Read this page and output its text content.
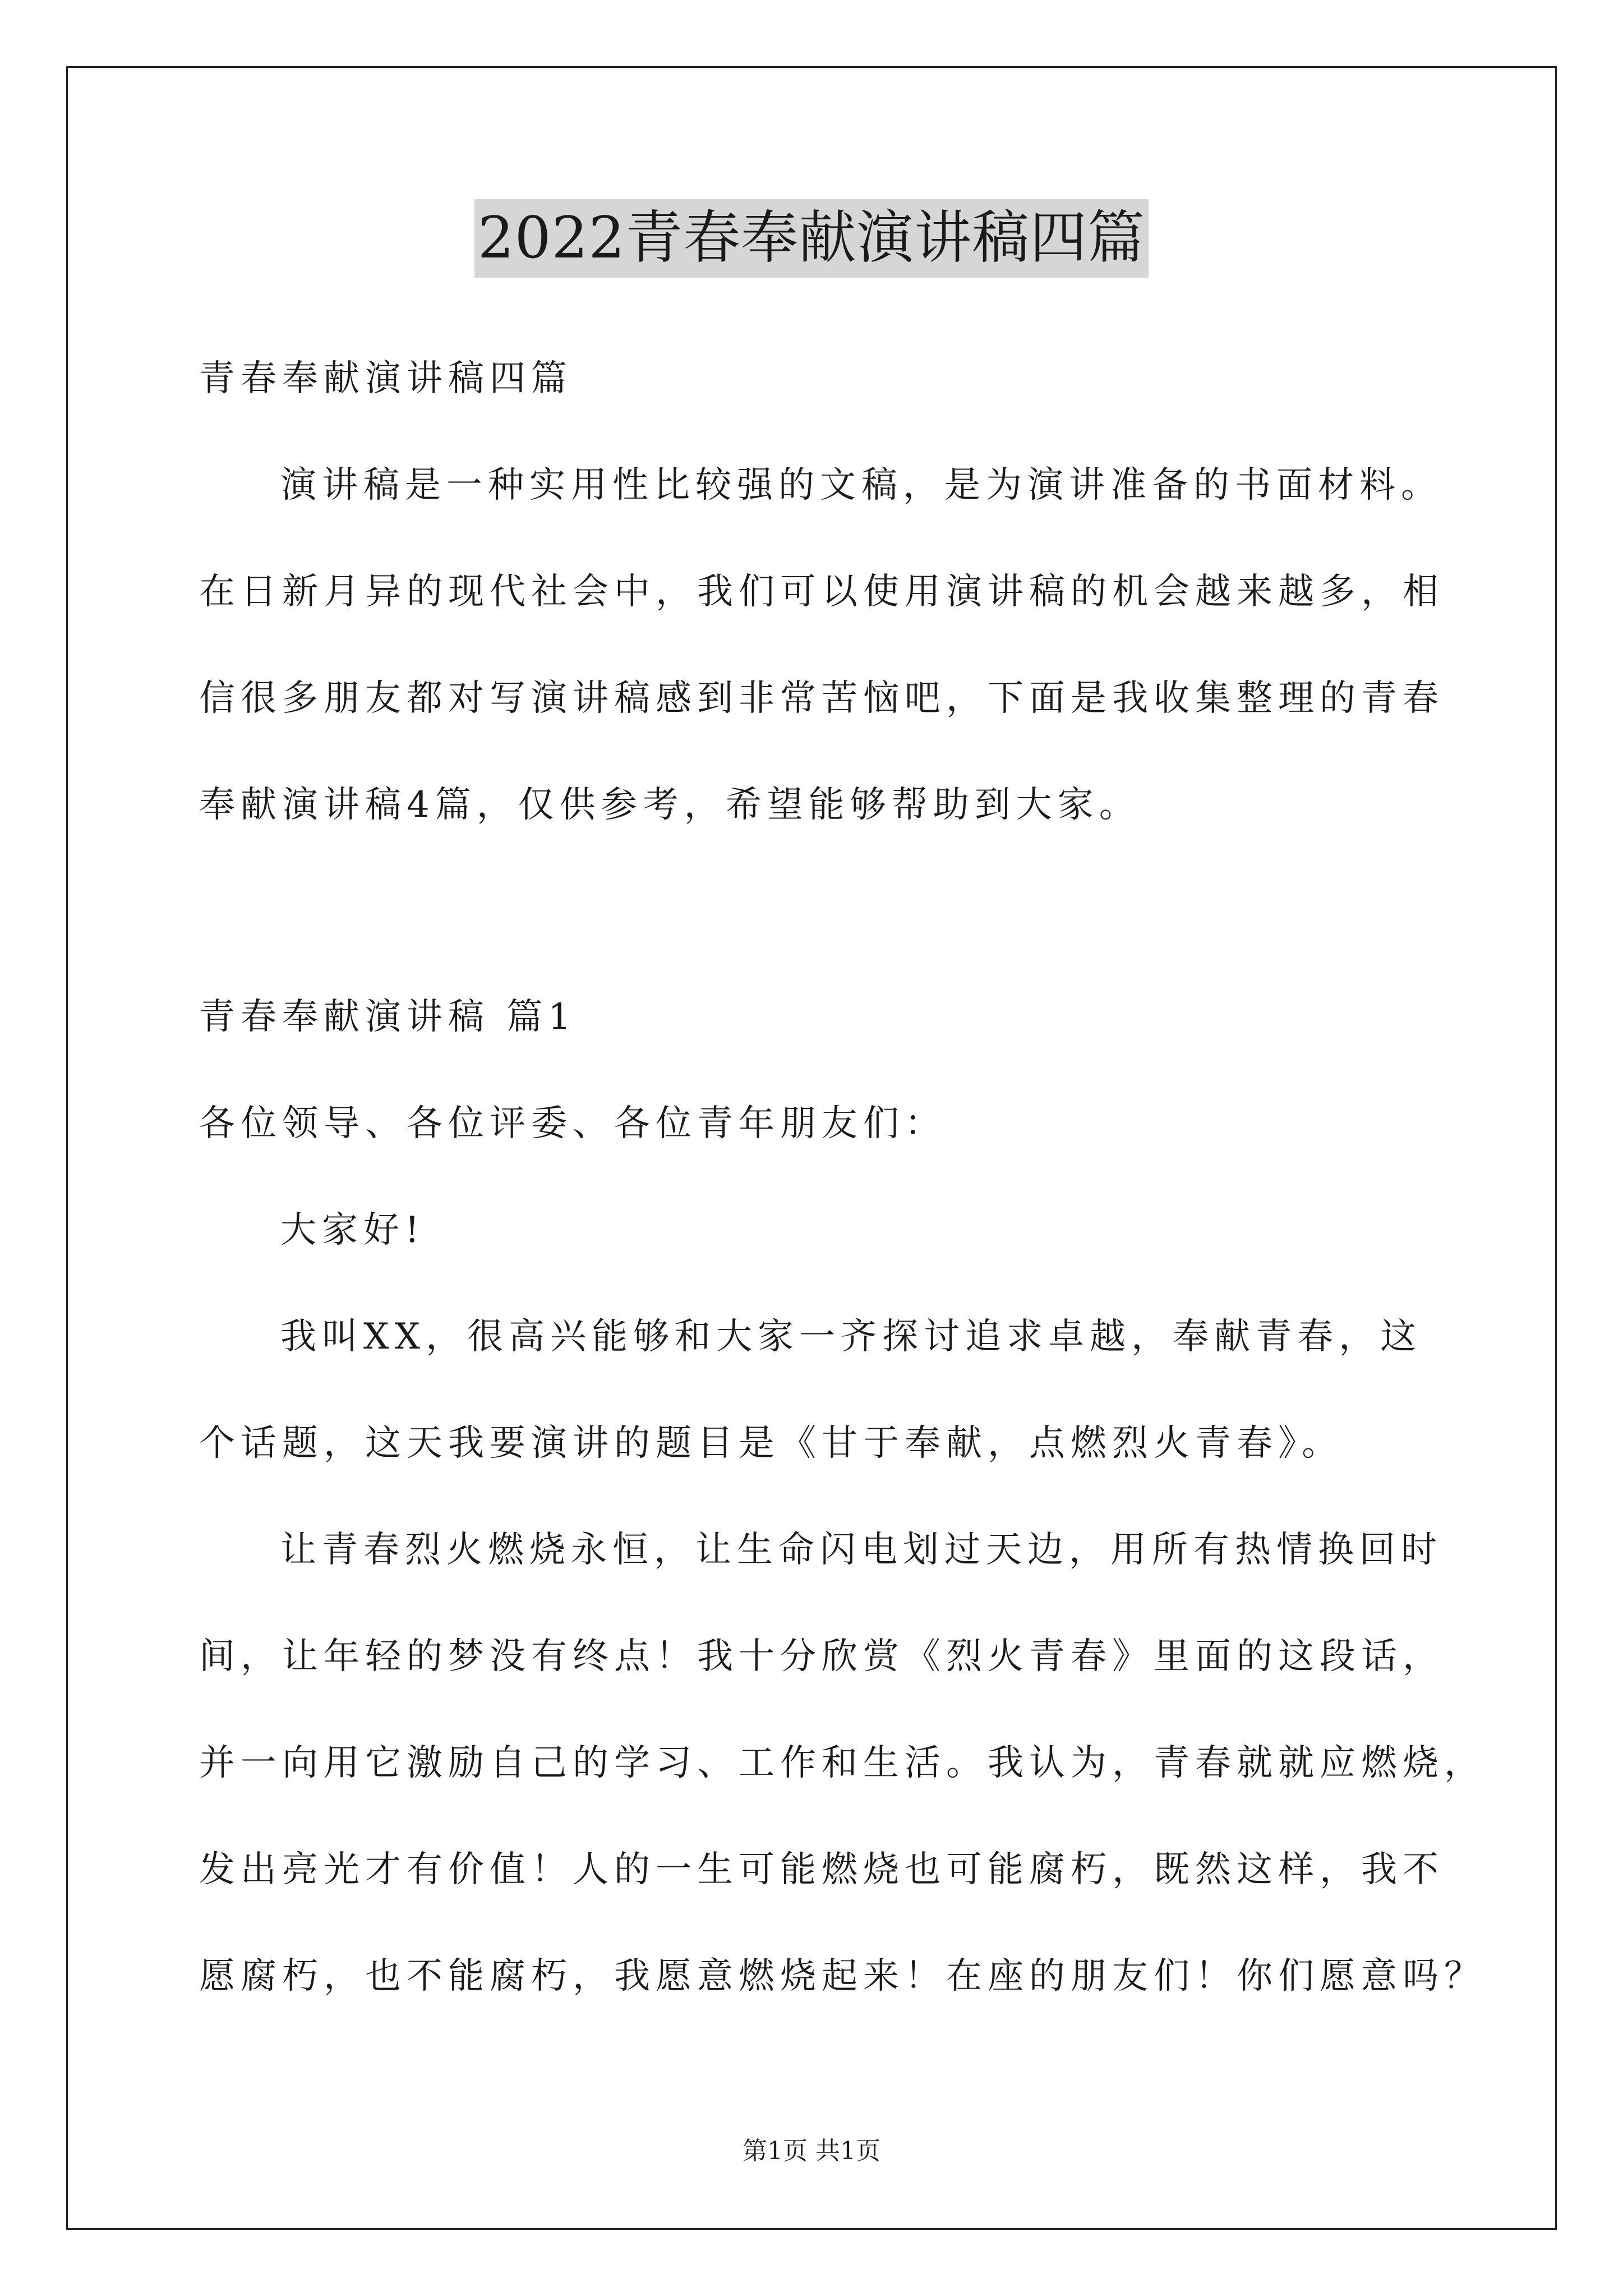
2022青春奉献演讲稿四篇
青春奉献演讲稿四篇
演讲稿是一种实用性比较强的文稿，是为演讲准备的书面材料。
在日新月异的现代社会中，我们可以使用演讲稿的机会越来越多，相
信很多朋友都对写演讲稿感到非常苦恼吧，下面是我收集整理的青春
奉献演讲稿4篇，仅供参考，希望能够帮助到大家。
青春奉献演讲稿 篇1
各位领导、各位评委、各位青年朋友们：
大家好!
我叫XX，很高兴能够和大家一齐探讨追求卓越，奉献青春，这
个话题，这天我要演讲的题目是《甘于奉献，点燃烈火青春》。
让青春烈火燃烧永恒，让生命闪电划过天边，用所有热情换回时
间，让年轻的梦没有终点！我十分欣赏《烈火青春》里面的这段话，
并一向用它激励自己的学习、工作和生活。我认为，青春就就应燃烧，
发出亮光才有价值！人的一生可能燃烧也可能腐朽，既然这样，我不
愿腐朽，也不能腐朽，我愿意燃烧起来！在座的朋友们！你们愿意吗？
第1页 共1页
